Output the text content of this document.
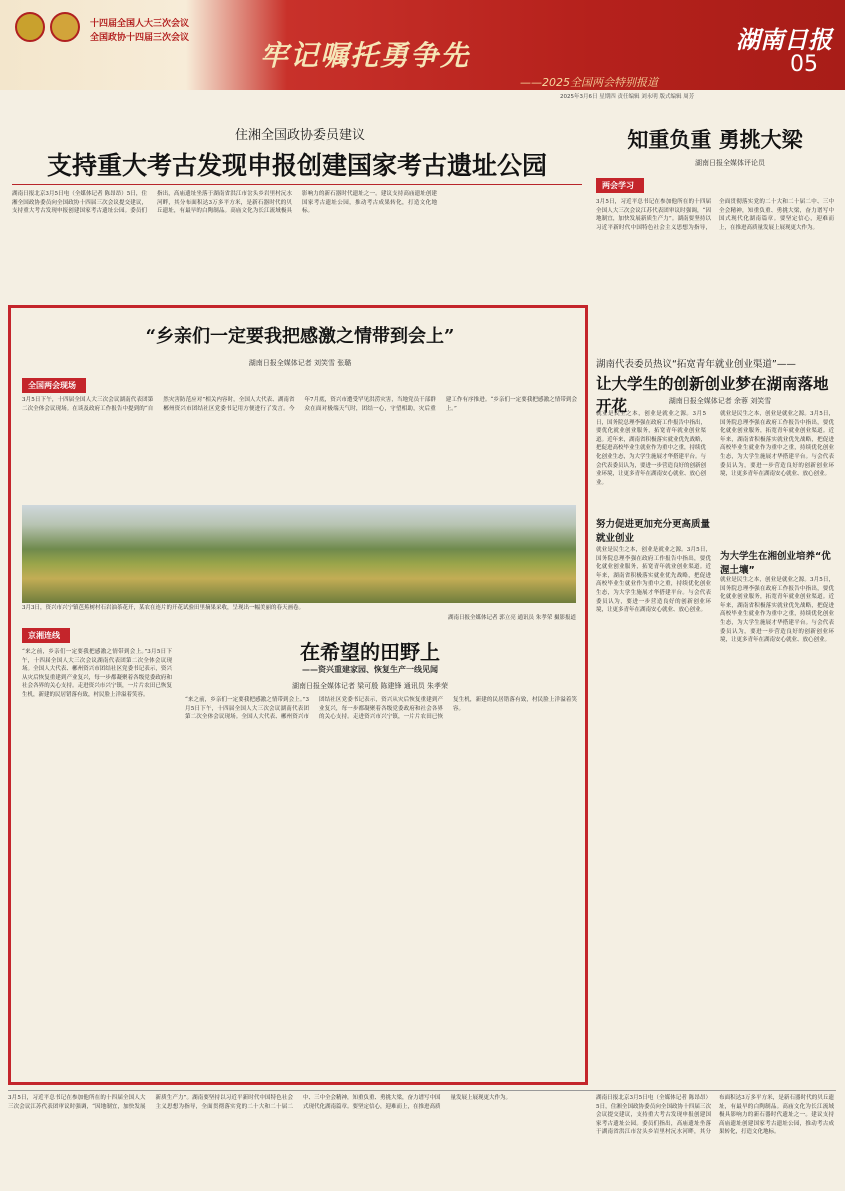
十四届全国人大三次会议
全国政协十四届三次会议
牢记嘱托勇争先
——2025全国两会特别报道
湖南日报
05
2025年3月6日 星期四 责任编辑 刘永明 版式编辑 周芳
住湘全国政协委员建议
支持重大考古发现申报创建国家考古遗址公园
湖南日报北京3月5日电（全媒体记者 陈昂昂）5日，住湘全国政协委员向全国政协十四届三次会议提交建议，支持重大考古发现申报创建国家考古遗址公园。委员们指出，高庙遗址坐落于湖南省洪江市岔头乡岩里村沅水河畔，其分布面积达3万多平方米，是新石器时代的贝丘遗址，有最早的白陶制品。高庙文化为长江流域极具影响力的新石器时代遗址之一。建议支持高庙遗址创建国家考古遗址公园，推动考古成果转化，打造文化地标。
知重负重 勇挑大梁
湖南日报全媒体评论员
两会学习
3月5日，习近平总书记在参加他所在的十四届全国人大三次会议江苏代表团审议时强调，“因地制宜，加快发展新质生产力”。湖南要坚持以习近平新时代中国特色社会主义思想为指导，全面贯彻落实党的二十大和二十届二中、三中全会精神，知重负重、勇挑大梁，奋力谱写中国式现代化湖南篇章。要坚定信心，迎难而上，在推进高质量发展上展现更大作为。
“乡亲们一定要我把感激之情带到会上”
湖南日报全媒体记者 刘笑雪 张璐
全国两会现场
3月5日下午，十四届全国人大三次会议湖南代表团第二次全体会议现场。在谈及政府工作报告中提到的“自然灾害防范应对”相关内容时，全国人大代表、湖南省郴州资兴市团结社区党委书记用方便进行了发言。今年7月底，资兴市遭受罕见洪涝灾害，当地党员干部群众在面对极端天气时，团结一心，守望相助，灾后重建工作有序推进。“乡亲们一定要我把感激之情带到会上。”
3月3日，资兴市兴宁镇芭蕉树村石岩油茶花开，某农在连片的开花试验田里摘果采收，呈现出一幅美丽的春天画卷。
湖南日报全媒体记者 郭立亮 通讯员 朱孝荣 摄影报道
京湘连线
“来之前，乡亲们一定要我把感激之情带到会上。”3月5日下午，十四届全国人大三次会议湖南代表团第二次全体会议现场。全国人大代表、郴州资兴市团结社区党委书记表示，资兴从灾后恢复重建到产业复兴，每一步都凝聚着各级党委政府和社会各界的关心支持。走进资兴市兴宁镇，一片片农田已恢复生机，新建的民居错落有致，村民脸上洋溢着笑容。
在希望的田野上
——资兴重建家园、恢复生产一线见闻
湖南日报全媒体记者 梁可殷 陈建锋 通讯员 朱孝荣
“来之前，乡亲们一定要我把感激之情带到会上。”3月5日下午，十四届全国人大三次会议湖南代表团第二次全体会议现场。全国人大代表、郴州资兴市团结社区党委书记表示，资兴从灾后恢复重建到产业复兴，每一步都凝聚着各级党委政府和社会各界的关心支持。走进资兴市兴宁镇，一片片农田已恢复生机，新建的民居错落有致，村民脸上洋溢着笑容。
湖南代表委员热议“拓宽青年就业创业渠道”——
让大学生的创新创业梦在湖南落地开花	湖南日报全媒体记者 余蓉 刘笑雪
就业是民生之本，创业是就业之源。3月5日，国务院总理李强在政府工作报告中指出，要优化就业创业服务，拓宽青年就业创业渠道。近年来，湖南省积极落实就业优先战略，把促进高校毕业生就业作为重中之重，持续优化创业生态，为大学生施展才华搭建平台。与会代表委员认为，要进一步营造良好的创新创业环境，让更多青年在湖南安心就业、放心创业。
努力促进更加充分更高质量就业创业
就业是民生之本，创业是就业之源。3月5日，国务院总理李强在政府工作报告中指出，要优化就业创业服务，拓宽青年就业创业渠道。近年来，湖南省积极落实就业优先战略，把促进高校毕业生就业作为重中之重，持续优化创业生态，为大学生施展才华搭建平台。与会代表委员认为，要进一步营造良好的创新创业环境，让更多青年在湖南安心就业、放心创业。
就业是民生之本，创业是就业之源。3月5日，国务院总理李强在政府工作报告中指出，要优化就业创业服务，拓宽青年就业创业渠道。近年来，湖南省积极落实就业优先战略，把促进高校毕业生就业作为重中之重，持续优化创业生态，为大学生施展才华搭建平台。与会代表委员认为，要进一步营造良好的创新创业环境，让更多青年在湖南安心就业、放心创业。
为大学生在湘创业培养“优渥土壤”
就业是民生之本，创业是就业之源。3月5日，国务院总理李强在政府工作报告中指出，要优化就业创业服务，拓宽青年就业创业渠道。近年来，湖南省积极落实就业优先战略，把促进高校毕业生就业作为重中之重，持续优化创业生态，为大学生施展才华搭建平台。与会代表委员认为，要进一步营造良好的创新创业环境，让更多青年在湖南安心就业、放心创业。
3月5日，习近平总书记在参加他所在的十四届全国人大三次会议江苏代表团审议时强调，“因地制宜，加快发展新质生产力”。湖南要坚持以习近平新时代中国特色社会主义思想为指导，全面贯彻落实党的二十大和二十届二中、三中全会精神，知重负重、勇挑大梁，奋力谱写中国式现代化湖南篇章。要坚定信心，迎难而上，在推进高质量发展上展现更大作为。	湖南日报北京3月5日电（全媒体记者 陈昂昂）5日，住湘全国政协委员向全国政协十四届三次会议提交建议，支持重大考古发现申报创建国家考古遗址公园。委员们指出，高庙遗址坐落于湖南省洪江市岔头乡岩里村沅水河畔，其分布面积达3万多平方米，是新石器时代的贝丘遗址，有最早的白陶制品。高庙文化为长江流域极具影响力的新石器时代遗址之一。建议支持高庙遗址创建国家考古遗址公园，推动考古成果转化，打造文化地标。
